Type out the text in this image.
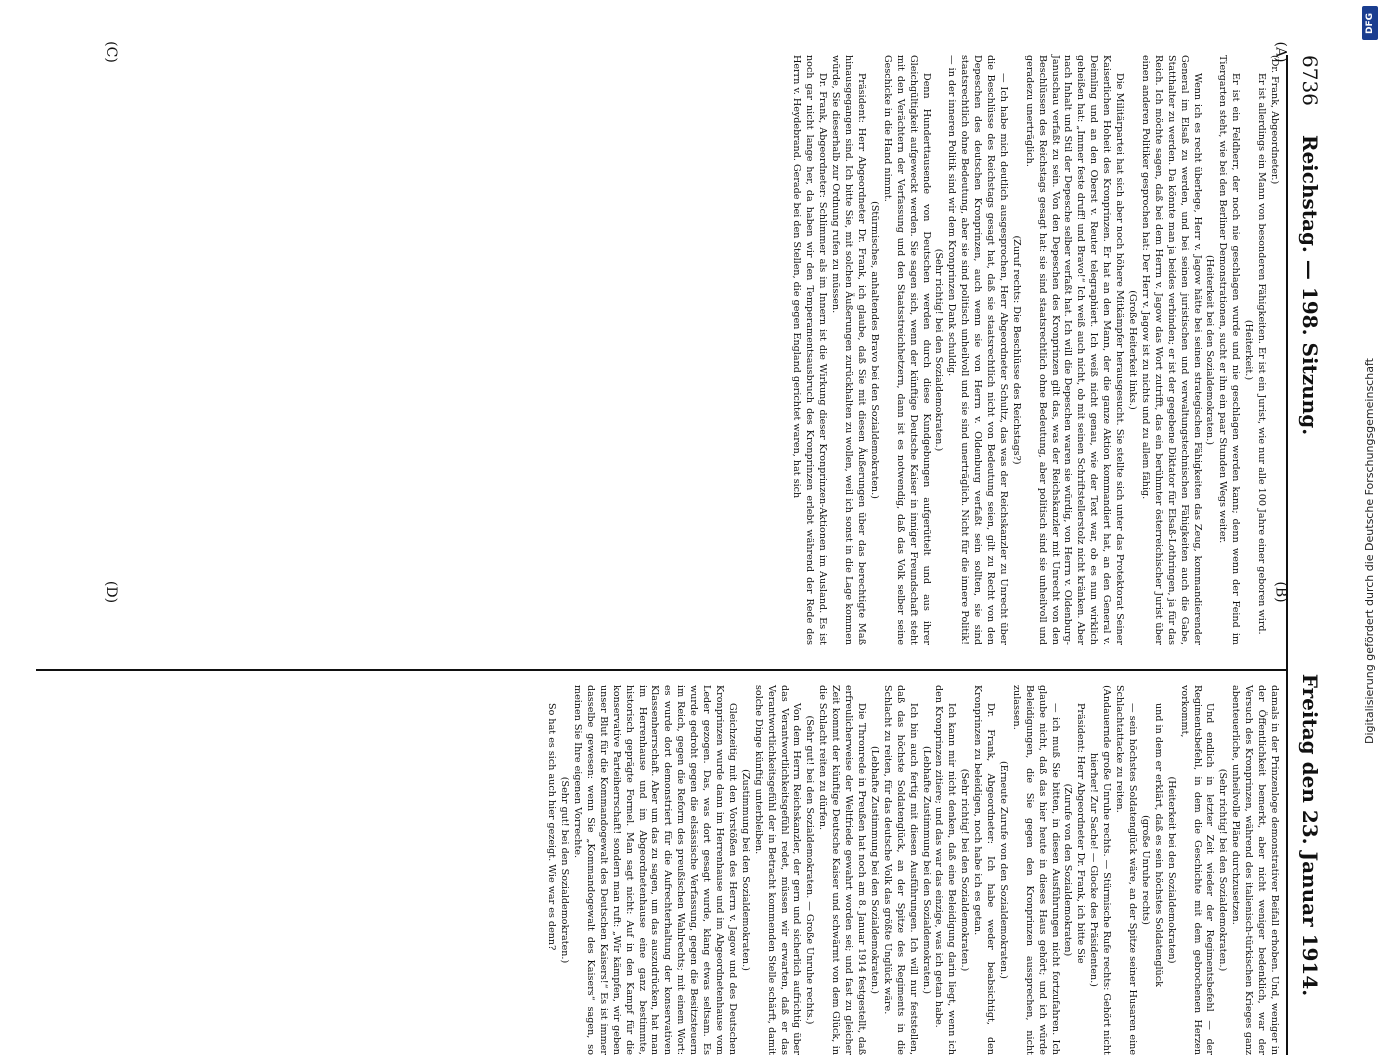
6736
Reichstag. — 198. Sitzung.
Freitag den 23. Januar 1914.

(Dr. Frank, Abgeordneter.)

Er ist allerdings ein Mann von besonderen Fähigkeiten. Er ist ein Jurist, wie nur alle 100 Jahre einer geboren wird.

(Heiterkeit.)

Er ist ein Feldherr, der noch nie geschlagen wurde und nie geschlagen werden kann; denn wenn der Feind im Tiergarten steht, wie bei den Berliner Demonstrationen, sucht er ihn ein paar Stunden Wegs weiter.

(Heiterkeit bei den Sozialdemokraten.)

Wenn ich es recht überlege, Herr v. Jagow hätte bei seinen strategischen Fähigkeiten das Zeug, kommandierender General im Elsaß zu werden, und bei seinen juristischen und verwaltungstechnischen Fähigkeiten auch die Gabe, Statthalter zu werden. Da könnte man ja beides verbinden; er ist der gegebene Diktator für Elsaß-Lothringen, ja für das Reich. Ich möchte sagen, daß bei dem Herrn v. Jagow das Wort zutrifft, das ein berühmter österreichischer Jurist über einen anderen Politiker gesprochen hat: Der Herr v. Jagow ist zu nichts und zu allem fähig.

(Große Heiterkeit links.)

Die Militärpartei hat sich aber noch höhere Mitkämpfer herausgesucht. Sie stellte sich unter das Protektorat Seiner Kaiserlichen Hoheit des Kronprinzen. Er hat an den Mann, der die ganze Aktion kommandiert hat, an den General v. Deimling und an den Oberst v. Reuter telegraphiert. Ich weiß nicht genau, wie der Text war, ob es nun wirklich geheißen hat: „Immer feste druff! und Bravo!“ Ich weiß auch nicht, ob mit seinen Schriftstellerstolz nicht kränken. Aber nach Inhalt und Stil der Depesche selber verfaßt hat. Ich will die Depeschen waren sie würdig, von Herrn v. Oldenburg-Januschau verfaßt zu sein. Von den Depeschen des Kronprinzen gilt das, was der Reichskanzler mit Unrecht von den Beschlüssen des Reichstags gesagt hat: sie sind staatsrechtlich ohne Bedeutung, aber politisch sind sie unheilvoll und geradezu unerträglich.

(Zuruf rechts: Die Beschlüsse des Reichstags?)

— Ich habe mich deutlich ausgesprochen, Herr Abgeordneter Schultz, das was der Reichskanzler zu Unrecht über die Beschlüsse des Reichstags gesagt hat, daß sie staatsrechtlich nicht von Bedeutung seien, gilt zu Recht von den Depeschen des deutschen Kronprinzen, auch wenn sie von Herrn v. Oldenburg verfaßt sein sollten, sie sind staatsrechtlich ohne Bedeutung, aber sie sind politisch unheilvoll und sie sind unerträglich. Nicht für die innere Politik! — in der inneren Politik sind wir dem Kronprinzen Dank schuldig.

(Sehr richtig! bei den Sozialdemokraten.)

Denn Hunderttausende von Deutschen werden durch diese Kundgebungen aufgerüttelt und aus ihrer Gleichgültigkeit aufgeweckt werden. Sie sagen sich, wenn der künftige Deutsche Kaiser in inniger Freundschaft steht mit den Verächtern der Verfassung und den Staatsstreichhetzern, dann ist es notwendig, daß das Volk selber seine Geschicke in die Hand nimmt.

(Stürmisches, anhaltendes Bravo bei den Sozialdemokraten.)

Präsident: Herr Abgeordneter Dr. Frank, ich glaube, daß Sie mit diesen Äußerungen über das berechtigte Maß hinausgegangen sind. Ich bitte Sie, mit solchen Äußerungen zurückhalten zu wollen, weil ich sonst in die Lage kommen würde, Sie dieserhalb zur Ordnung rufen zu müssen.

Dr. Frank, Abgeordneter: Schlimmer als im Innern ist die Wirkung dieser Kronprinzen-Aktionen im Ausland. Es ist noch gar nicht lange her, da haben wir den Temperamentsausbruch des Kronprinzen erlebt während der Rede des Herrn v. Heydebrand. Gerade bei den Stellen, die gegen England gerichtet waren, hat sich

damals in der Prinzenloge demonstrativer Beifall erhoben. Und, weniger in der Öffentlichkeit bemerkt, aber nicht weniger bedenklich, war der Versuch des Kronprinzen, während des italienisch-türkischen Krieges ganz abenteuerliche, unheilvolle Pläne durchzusetzen.

(Sehr richtig! bei den Sozialdemokraten.)

Und endlich in letzter Zeit wieder der Regimentsbefehl — der Regimentsbefehl, in dem die Geschichte mit dem gebrochenen Herzen vorkommt,

(Heiterkeit bei den Sozialdemokraten)

und in dem er erklärt, daß es sein höchstes Soldatenglück

(große Unruhe rechts)

— sein höchstes Soldatenglück wäre, an der Spitze seiner Husaren eine Schlachtattacke zu reiten.

(Andauernde große Unruhe rechts. — Stürmische Rufe rechts: Gehört nicht hierher! Zur Sache! — Glocke des Präsidenten.)

Präsident: Herr Abgeordneter Dr. Frank, ich bitte Sie

(Zurufe von den Sozialdemokraten)

— ich muß Sie bitten, in diesen Ausführungen nicht fortzufahren. Ich glaube nicht, daß das hier heute in dieses Haus gehört; und ich würde Beleidigungen, die Sie gegen den Kronprinzen aussprechen, nicht zulassen.

(Erneute Zurufe von den Sozialdemokraten.)

Dr. Frank, Abgeordneter: Ich habe weder beabsichtigt, den Kronprinzen zu beleidigen, noch habe ich es getan.

(Sehr richtig! bei den Sozialdemokraten.)

Ich kann mir nicht denken, daß eine Beleidigung darin liegt, wenn ich den Kronprinzen zitiere; und das war das einzige, was ich getan habe.

(Lebhafte Zustimmung bei den Sozialdemokraten.)

Ich bin auch fertig mit diesen Ausführungen. Ich will nur feststellen, daß das höchste Soldatenglück, an der Spitze des Regiments in die Schlacht zu reiten, für das deutsche Volk das größte Unglück wäre.

(Lebhafte Zustimmung bei den Sozialdemokraten.)

Die Thronrede in Preußen hat noch am 8. Januar 1914 festgestellt, daß erfreulicherweise der Weltfriede gewahrt worden sei; und fast zu gleicher Zeit kommt der künftige Deutsche Kaiser und schwärmt von dem Glück, in die Schlacht reiten zu dürfen.

(Sehr gut! bei den Sozialdemokraten. — Große Unruhe rechts.)

Von dem Herrn Reichskanzler, der gern und sicherlich aufrichtig über das Verantwortlichkeitsgefühl redet, müssen wir erwarten, daß er das Verantwortlichkeitsgefühl der in Betracht kommenden Stelle schärft, damit solche Dinge künftig unterbleiben.

(Zustimmung bei den Sozialdemokraten.)

Gleichzeitig mit den Vorstößen des Herrn v. Jagow und des Deutschen Kronprinzen wurde dann im Herrenhause und im Abgeordnetenhause vom Leder gezogen. Das, was dort gesagt wurde, klang etwas seltsam. Es wurde gedroht gegen die elsässische Verfassung, gegen die Besitzsteuern im Reich, gegen die Reform des preußischen Wahlrechts; mit einem Wort: es wurde dort demonstriert für die Aufrechterhaltung der konservativen Klassenherrschaft. Aber um das zu sagen, um das auszudrücken, hat man im Herrenhause und im Abgeordnetenhause eine ganz bestimmte, historisch geprägte Formel. Man sagt nicht: Auf in den Kampf für die konservative Parteiherrschaft! sondern man ruft: „Wir kämpfen, wir geben unser Blut für die Kommandogewalt des Deutschen Kaisers!“ Es ist immer dasselbe gewesen: wenn Sie „Kommandogewalt des Kaisers“ sagen, so meinen Sie Ihre eigenen Vorrechte.

(Sehr gut! bei den Sozialdemokraten.)

So hat es sich auch hier gezeigt. Wie war es denn?

(A)
(B)
(C)
(D)
DFG
Digitalisierung gefördert durch die Deutsche Forschungsgemeinschaft
